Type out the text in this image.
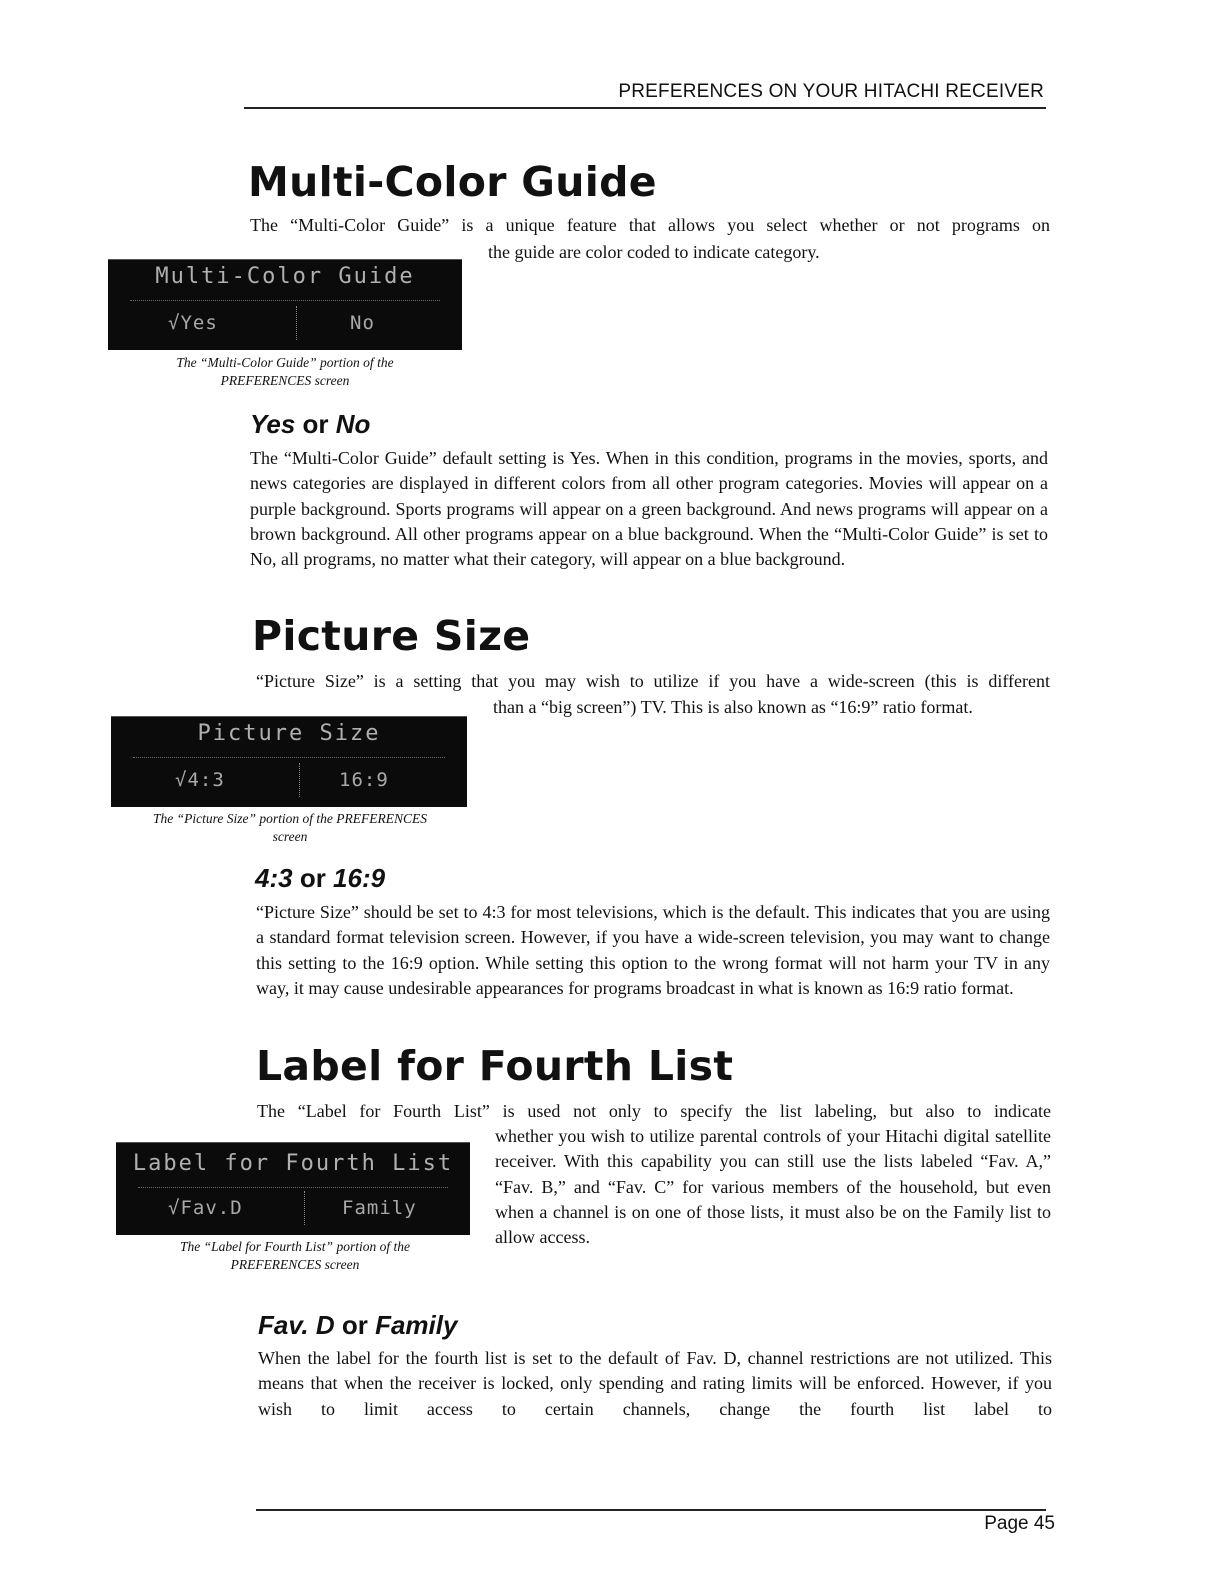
PREFERENCES ON YOUR HITACHI RECEIVER
Multi-Color Guide

The “Multi-Color Guide” is a unique feature that allows you select whether or not programs on

the guide are color coded to indicate category.

Multi-Color Guide
√Yes	No

The “Multi-Color Guide” portion of the

PREFERENCES screen

Yes or No

The “Multi-Color Guide” default setting is Yes. When in this condition, programs in the movies, sports, and news categories are displayed in different colors from all other program categories. Movies will appear on a purple background. Sports programs will appear on a green background. And news programs will appear on a brown background. All other programs appear on a blue background. When the “Multi-Color Guide” is set to No, all programs, no matter what their category, will appear on a blue background.

Picture Size

“Picture Size” is a setting that you may wish to utilize if you have a wide-screen (this is different

than a “big screen”) TV. This is also known as “16:9” ratio format.

Picture Size
√4:3	16:9

The “Picture Size” portion of the PREFERENCES

screen

4:3 or 16:9

“Picture Size” should be set to 4:3 for most televisions, which is the default. This indicates that you are using a standard format television screen. However, if you have a wide-screen television, you may want to change this setting to the 16:9 option. While setting this option to the wrong format will not harm your TV in any way, it may cause undesirable appearances for programs broadcast in what is known as 16:9 ratio format.

Label for Fourth List

The “Label for Fourth List” is used not only to specify the list labeling, but also to indicate

whether you wish to utilize parental controls of your Hitachi digital satellite receiver. With this capability you can still use the lists labeled “Fav. A,” “Fav. B,” and “Fav. C” for various members of the household, but even when a channel is on one of those lists, it must also be on the Family list to allow access.

Label for Fourth List
√Fav.D	Family

The “Label for Fourth List” portion of the

PREFERENCES screen

Fav. D or Family

When the label for the fourth list is set to the default of Fav. D, channel restrictions are not utilized. This means that when the receiver is locked, only spending and rating limits will be enforced. However, if you wish to limit access to certain channels, change the fourth list label to

Page 45
